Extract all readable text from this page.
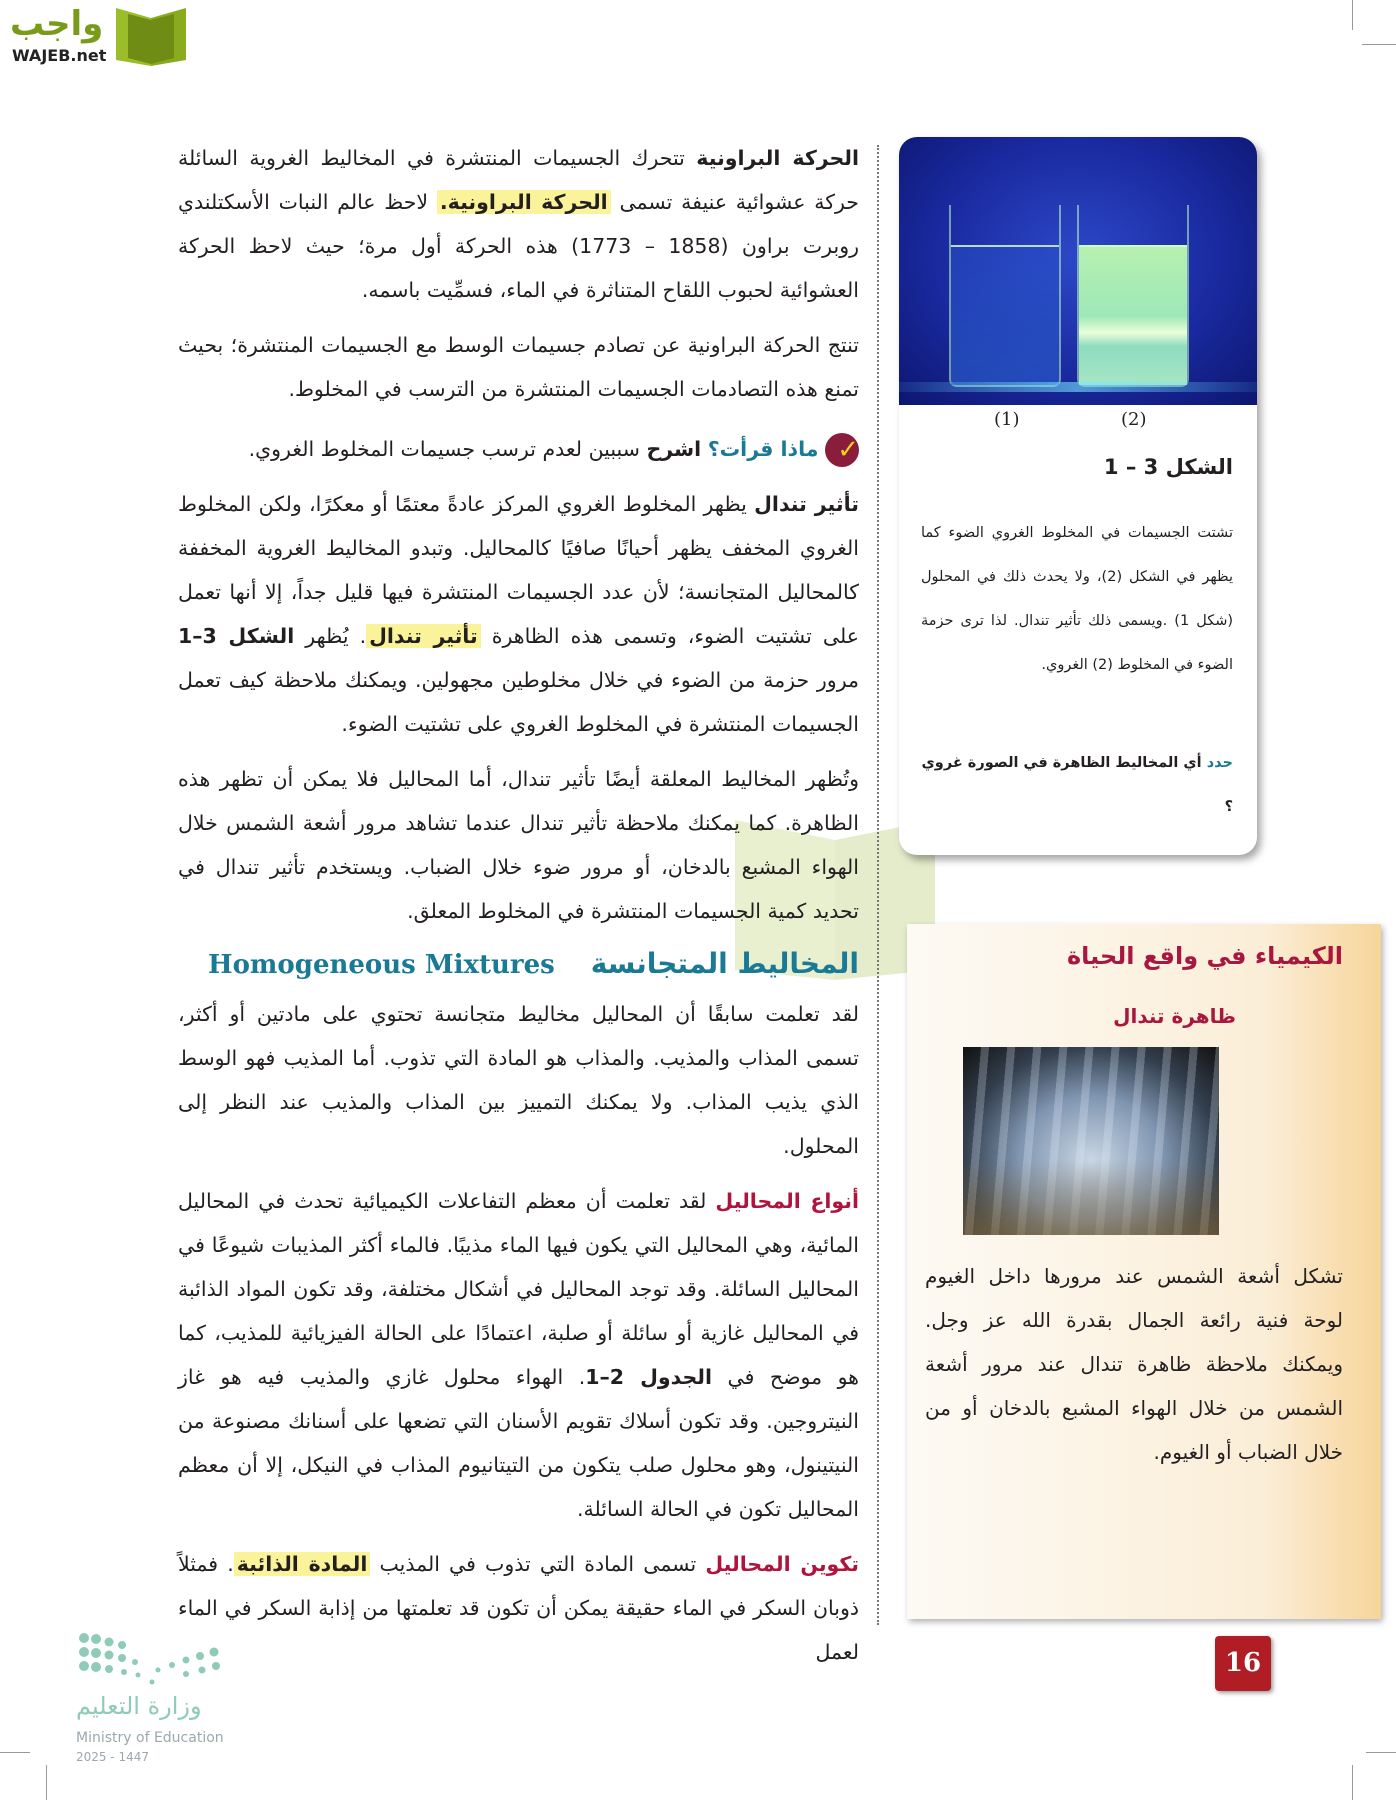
واجب
WAJEB.net
الحركة البراونية تتحرك الجسيمات المنتشرة في المخاليط الغروية السائلة حركة عشوائية عنيفة تسمى الحركة البراونية. لاحظ عالم النبات الأسكتلندي روبرت براون (1858 – 1773) هذه الحركة أول مرة؛ حيث لاحظ الحركة العشوائية لحبوب اللقاح المتناثرة في الماء، فسمِّيت باسمه.
تنتج الحركة البراونية عن تصادم جسيمات الوسط مع الجسيمات المنتشرة؛ بحيث تمنع هذه التصادمات الجسيمات المنتشرة من الترسب في المخلوط.
✓ ماذا قرأت؟ اشرح سببين لعدم ترسب جسيمات المخلوط الغروي.
تأثير تندال يظهر المخلوط الغروي المركز عادةً معتمًا أو معكرًا، ولكن المخلوط الغروي المخفف يظهر أحيانًا صافيًا كالمحاليل. وتبدو المخاليط الغروية المخففة كالمحاليل المتجانسة؛ لأن عدد الجسيمات المنتشرة فيها قليل جداً، إلا أنها تعمل على تشتيت الضوء، وتسمى هذه الظاهرة تأثير تندال. يُظهر الشكل 3–1 مرور حزمة من الضوء في خلال مخلوطين مجهولين. ويمكنك ملاحظة كيف تعمل الجسيمات المنتشرة في المخلوط الغروي على تشتيت الضوء.
وتُظهر المخاليط المعلقة أيضًا تأثير تندال، أما المحاليل فلا يمكن أن تظهر هذه الظاهرة. كما يمكنك ملاحظة تأثير تندال عندما تشاهد مرور أشعة الشمس خلال الهواء المشبع بالدخان، أو مرور ضوء خلال الضباب. ويستخدم تأثير تندال في تحديد كمية الجسيمات المنتشرة في المخلوط المعلق.
المخاليط المتجانسة
Homogeneous Mixtures
لقد تعلمت سابقًا أن المحاليل مخاليط متجانسة تحتوي على مادتين أو أكثر، تسمى المذاب والمذيب. والمذاب هو المادة التي تذوب. أما المذيب فهو الوسط الذي يذيب المذاب. ولا يمكنك التمييز بين المذاب والمذيب عند النظر إلى المحلول.
أنواع المحاليل لقد تعلمت أن معظم التفاعلات الكيميائية تحدث في المحاليل المائية، وهي المحاليل التي يكون فيها الماء مذيبًا. فالماء أكثر المذيبات شيوعًا في المحاليل السائلة. وقد توجد المحاليل في أشكال مختلفة، وقد تكون المواد الذائبة في المحاليل غازية أو سائلة أو صلبة، اعتمادًا على الحالة الفيزيائية للمذيب، كما هو موضح في الجدول 2–1. الهواء محلول غازي والمذيب فيه هو غاز النيتروجين. وقد تكون أسلاك تقويم الأسنان التي تضعها على أسنانك مصنوعة من النيتينول، وهو محلول صلب يتكون من التيتانيوم المذاب في النيكل، إلا أن معظم المحاليل تكون في الحالة السائلة.
تكوين المحاليل تسمى المادة التي تذوب في المذيب المادة الذائبة. فمثلاً ذوبان السكر في الماء حقيقة يمكن أن تكون قد تعلمتها من إذابة السكر في الماء لعمل
(1)	(2)
الشكل 3 – 1
تشتت الجسيمات في المخلوط الغروي الضوء كما يظهر في الشكل (2)، ولا يحدث ذلك في المحلول (شكل 1) .ويسمى ذلك تأثير تندال. لذا ترى حزمة الضوء في المخلوط (2) الغروي.
حدد أي المخاليط الظاهرة في الصورة غروي ؟
الكيمياء في واقع الحياة
ظاهرة تندال
تشكل أشعة الشمس عند مرورها داخل الغيوم لوحة فنية رائعة الجمال بقدرة الله عز وجل. ويمكنك ملاحظة ظاهرة تندال عند مرور أشعة الشمس من خلال الهواء المشبع بالدخان أو من خلال الضباب أو الغيوم.
16
وزارة التعليم
Ministry of Education
2025 - 1447
